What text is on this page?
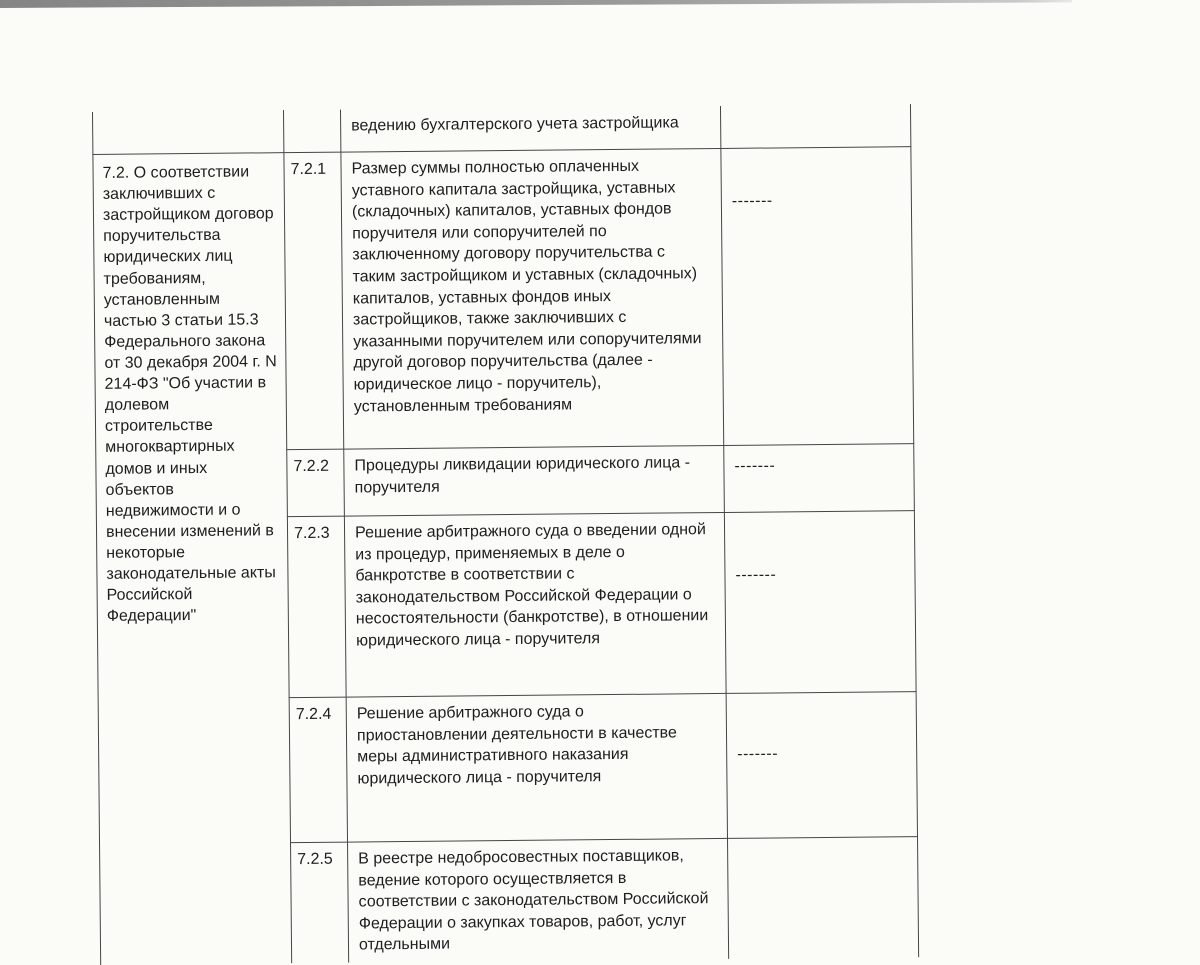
		ведению бухгалтерского учета застройщика	
7.2. О соответствии заключивших с застройщиком договор поручительства юридических лиц требованиям, установленным частью 3 статьи 15.3 Федерального закона от 30 декабря 2004 г. N 214-ФЗ "Об участии в долевом строительстве многоквартирных домов и иных объектов недвижимости и о внесении изменений в некоторые законодательные акты Российской Федерации"	7.2.1	Размер суммы полностью оплаченных уставного капитала застройщика, уставных (складочных) капиталов, уставных фондов поручителя или сопоручителей по заключенному договору поручительства с таким застройщиком и уставных (складочных) капиталов, уставных фондов иных застройщиков, также заключивших с указанными поручителем или сопоручителями другой договор поручительства (далее - юридическое лицо - поручитель), установленным требованиям	-------
	7.2.2	Процедуры ликвидации юридического лица - поручителя	-------
	7.2.3	Решение арбитражного суда о введении одной из процедур, применяемых в деле о банкротстве в соответствии с законодательством Российской Федерации о несостоятельности (банкротстве), в отношении юридического лица - поручителя	-------
	7.2.4	Решение арбитражного суда о приостановлении деятельности в качестве меры административного наказания юридического лица - поручителя	-------
	7.2.5	В реестре недобросовестных поставщиков, ведение которого осуществляется в соответствии с законодательством Российской Федерации о закупках товаров, работ, услуг отдельными	
